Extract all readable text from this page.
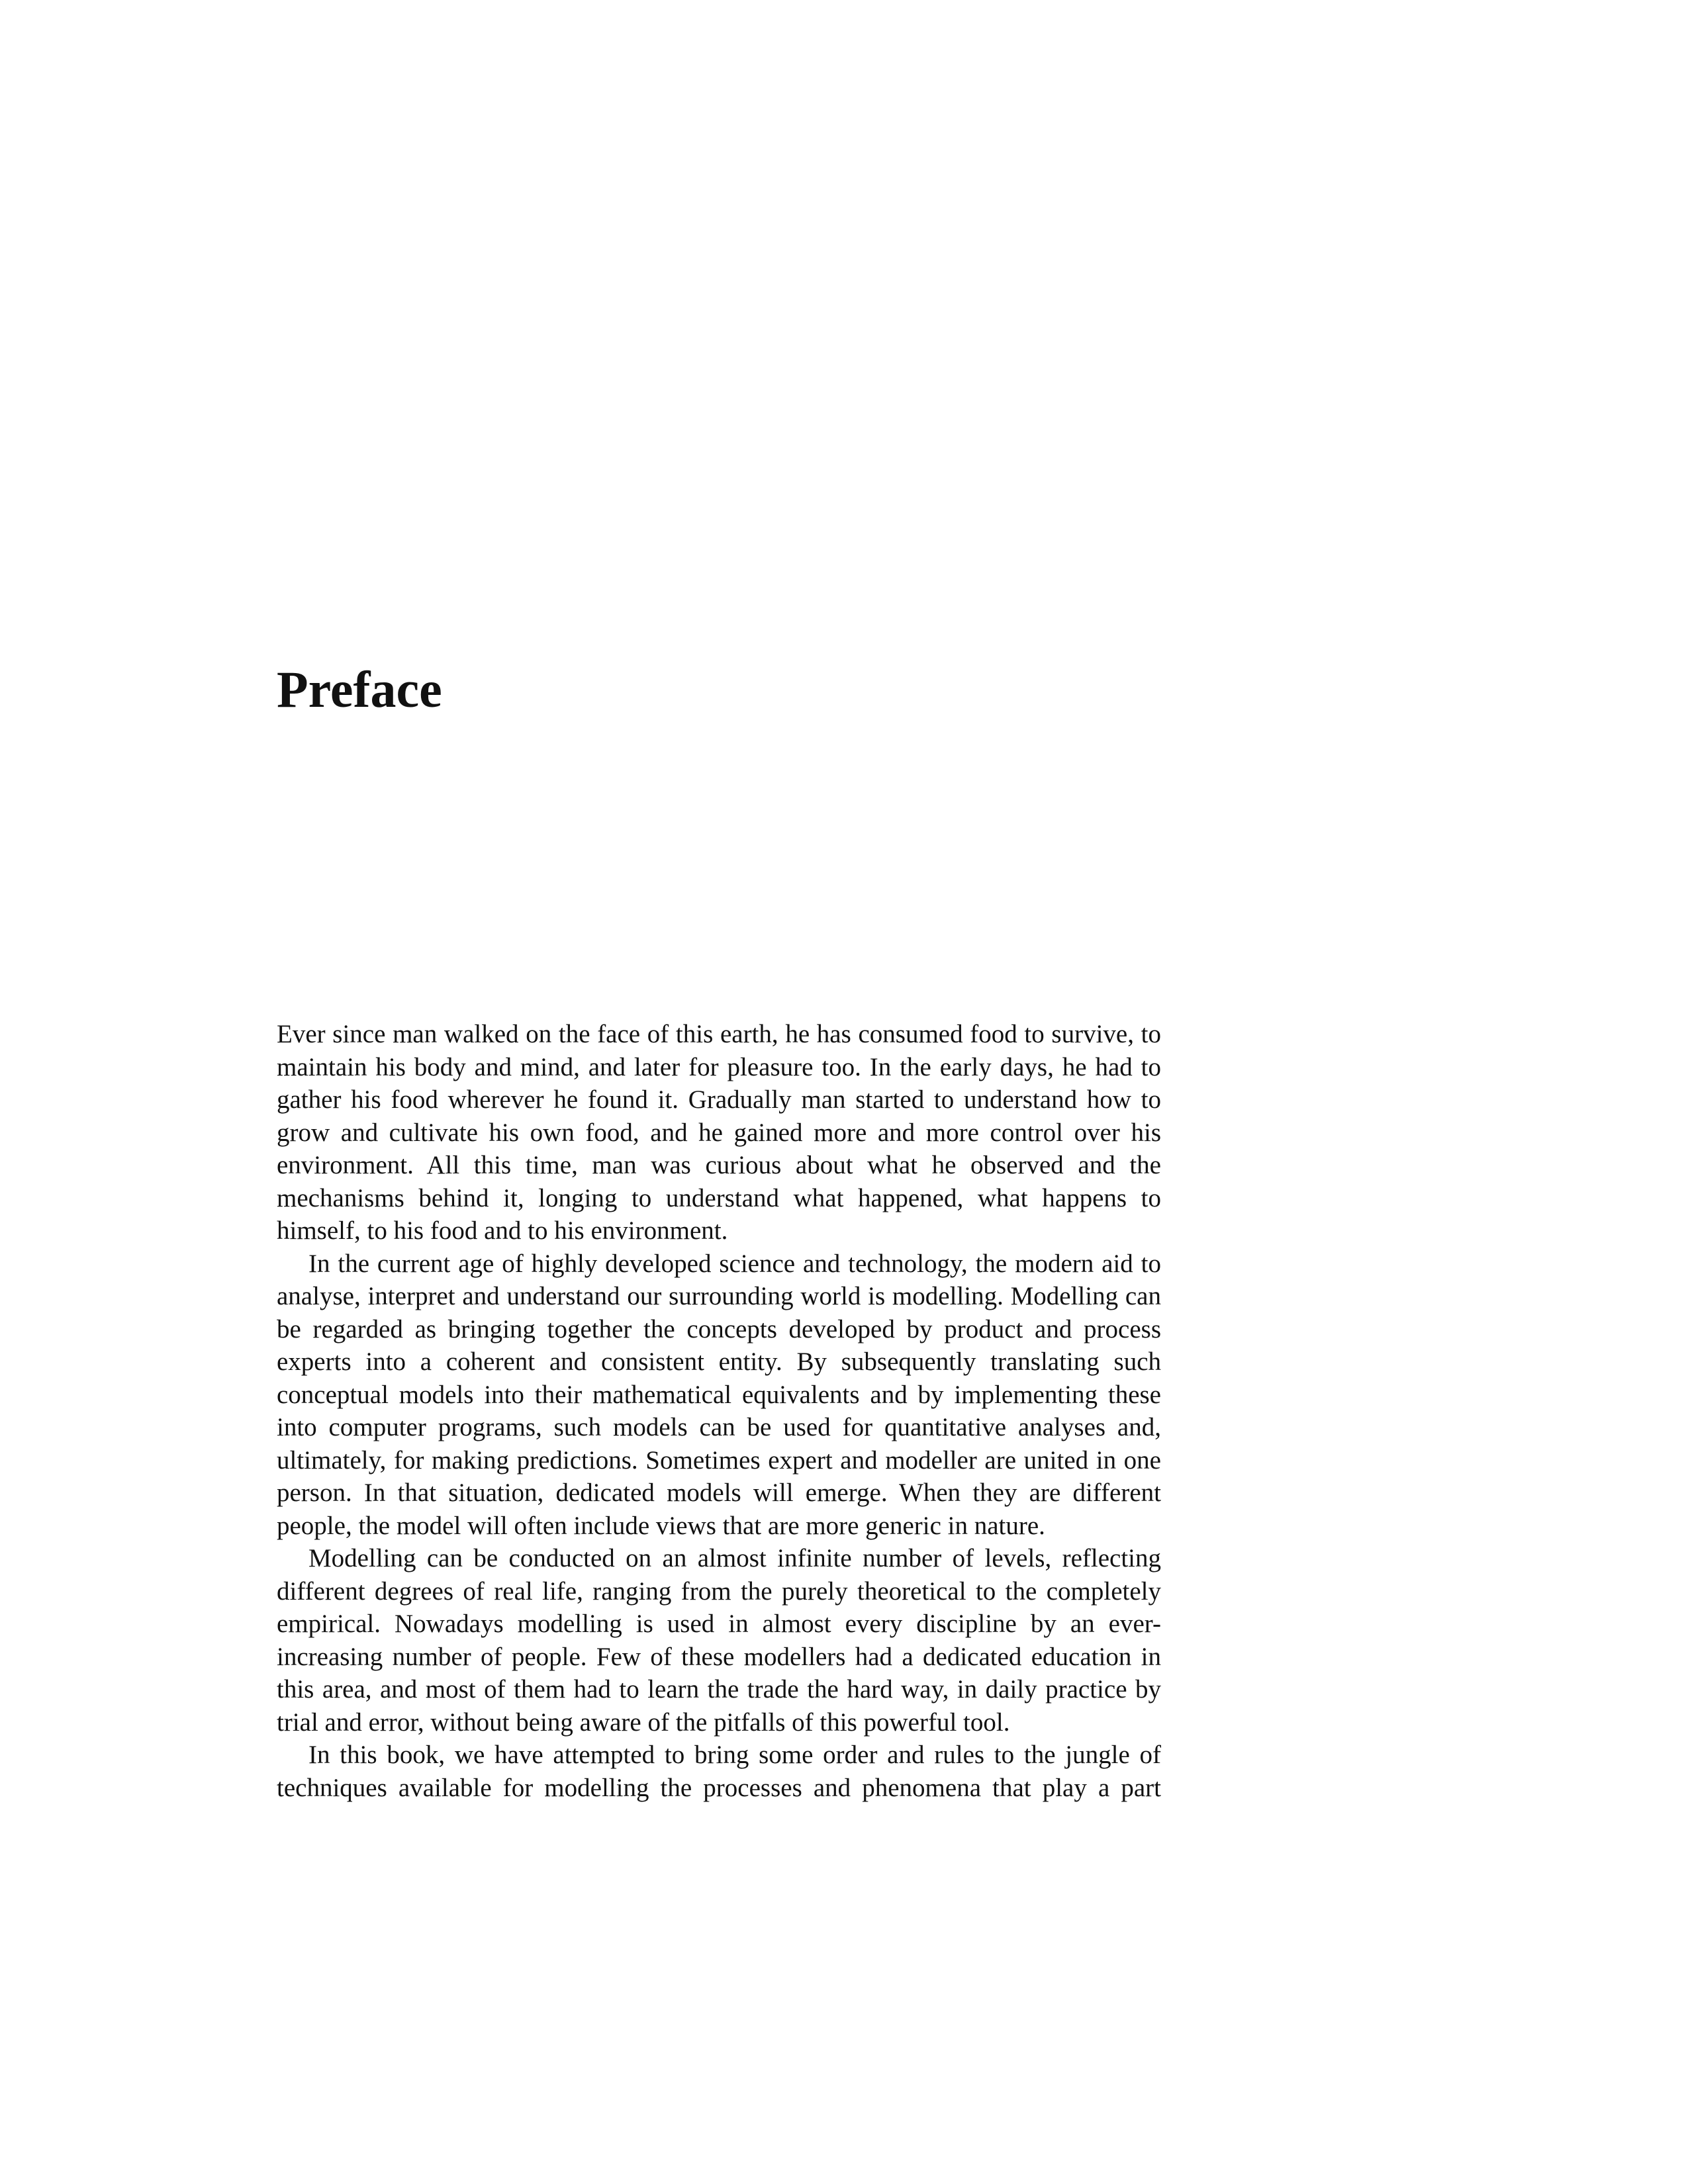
Preface

Ever since man walked on the face of this earth, he has consumed food to survive, to maintain his body and mind, and later for pleasure too. In the early days, he had to gather his food wherever he found it. Gradually man started to understand how to grow and cultivate his own food, and he gained more and more control over his environment. All this time, man was curious about what he observed and the mechanisms behind it, longing to understand what happened, what happens to himself, to his food and to his environment.

In the current age of highly developed science and technology, the modern aid to analyse, interpret and understand our surrounding world is modelling. Modelling can be regarded as bringing together the concepts developed by product and process experts into a coherent and consistent entity. By subsequently translating such conceptual models into their mathematical equivalents and by implementing these into computer programs, such models can be used for quantitative analyses and, ultimately, for making predictions. Sometimes expert and modeller are united in one person. In that situation, dedicated models will emerge. When they are different people, the model will often include views that are more generic in nature.

Modelling can be conducted on an almost infinite number of levels, reflecting different degrees of real life, ranging from the purely theoretical to the completely empirical. Nowadays modelling is used in almost every discipline by an ever-increasing number of people. Few of these modellers had a dedicated education in this area, and most of them had to learn the trade the hard way, in daily practice by trial and error, without being aware of the pitfalls of this powerful tool.

In this book, we have attempted to bring some order and rules to the jungle of techniques available for modelling the processes and phenomena that play a part
